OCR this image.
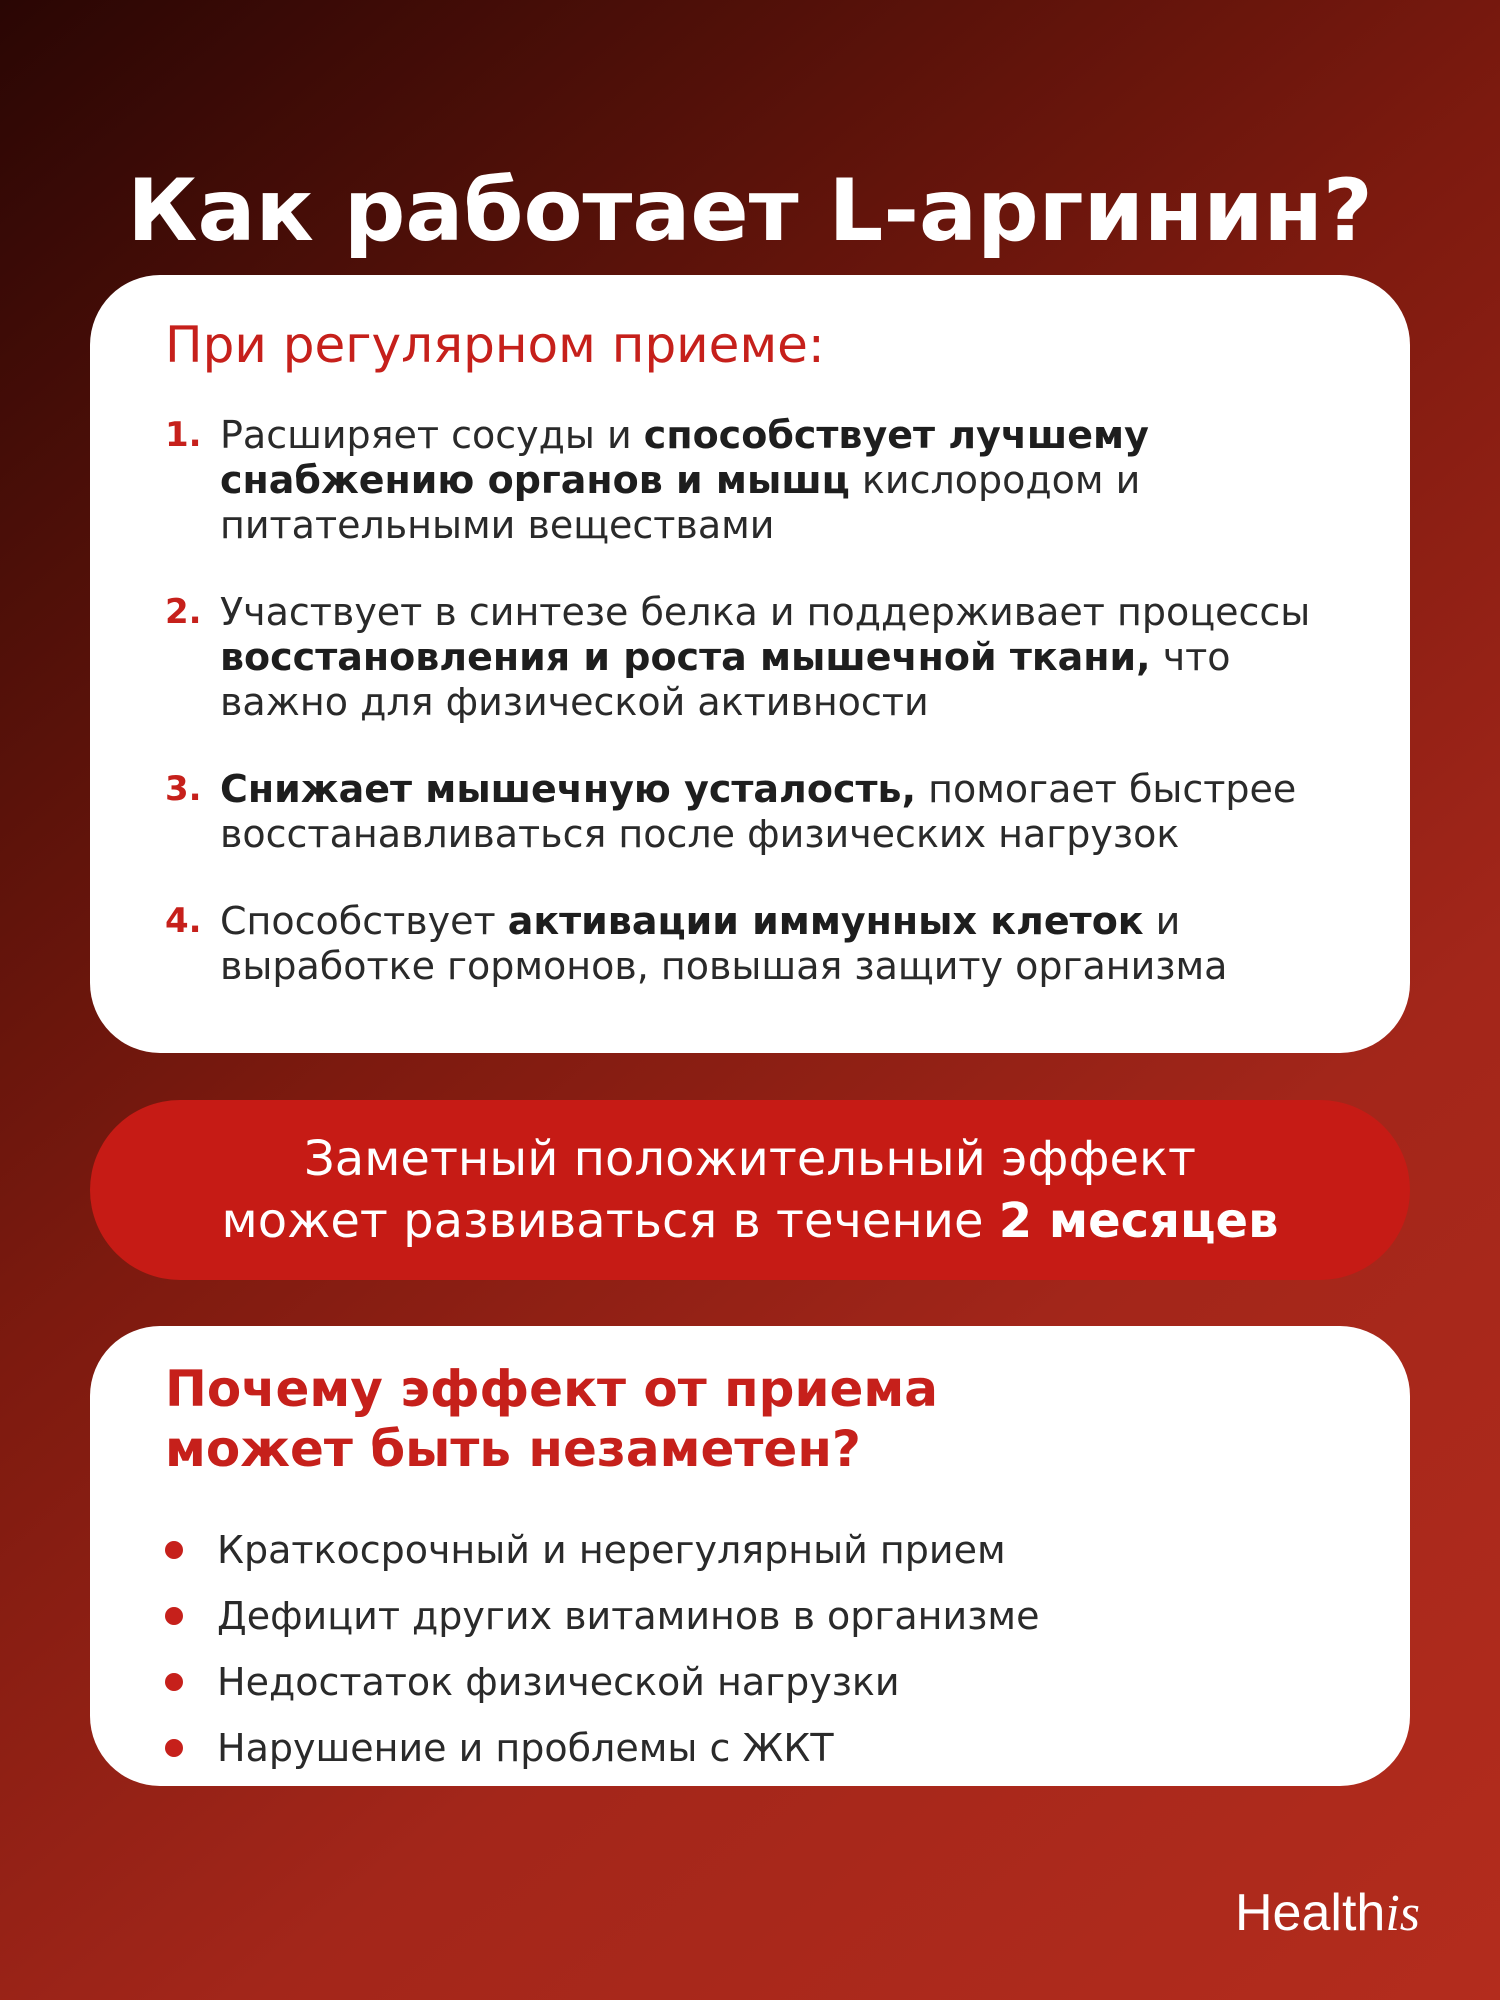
Как работает L-аргинин?
При регулярном приеме:
1. Расширяет сосуды и способствует лучшему снабжению органов и мышц кислородом и питательными веществами
2. Участвует в синтезе белка и поддерживает процессы восстановления и роста мышечной ткани, что важно для физической активности
3. Снижает мышечную усталость, помогает быстрее восстанавливаться после физических нагрузок
4. Способствует активации иммунных клеток и выработке гормонов, повышая защиту организма
Заметный положительный эффект
может развиваться в течение 2 месяцев
Почему эффект от приема
может быть незаметен?
Краткосрочный и нерегулярный прием
Дефицит других витаминов в организме
Недостаток физической нагрузки
Нарушение и проблемы с ЖКТ
Healthis
